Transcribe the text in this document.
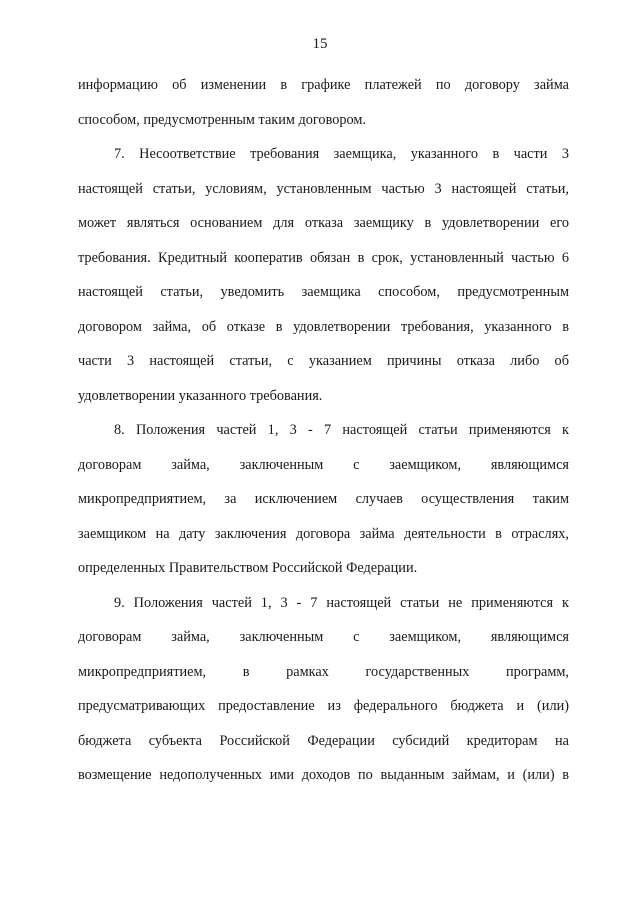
15

информацию об изменении в графике платежей по договору займа
способом, предусмотренным таким договором.

7. Несоответствие требования заемщика, указанного в части 3
настоящей статьи, условиям, установленным частью 3 настоящей статьи,
может являться основанием для отказа заемщику в удовлетворении его
требования. Кредитный кооператив обязан в срок, установленный частью 6
настоящей статьи, уведомить заемщика способом, предусмотренным
договором займа, об отказе в удовлетворении требования, указанного в
части 3 настоящей статьи, с указанием причины отказа либо об
удовлетворении указанного требования.

8. Положения частей 1, 3 - 7 настоящей статьи применяются к
договорам займа, заключенным с заемщиком, являющимся
микропредприятием, за исключением случаев осуществления таким
заемщиком на дату заключения договора займа деятельности в отраслях,
определенных Правительством Российской Федерации.

9. Положения частей 1, 3 - 7 настоящей статьи не применяются к
договорам займа, заключенным с заемщиком, являющимся
микропредприятием, в рамках государственных программ,
предусматривающих предоставление из федерального бюджета и (или)
бюджета субъекта Российской Федерации субсидий кредиторам на
возмещение недополученных ими доходов по выданным займам, и (или) в
